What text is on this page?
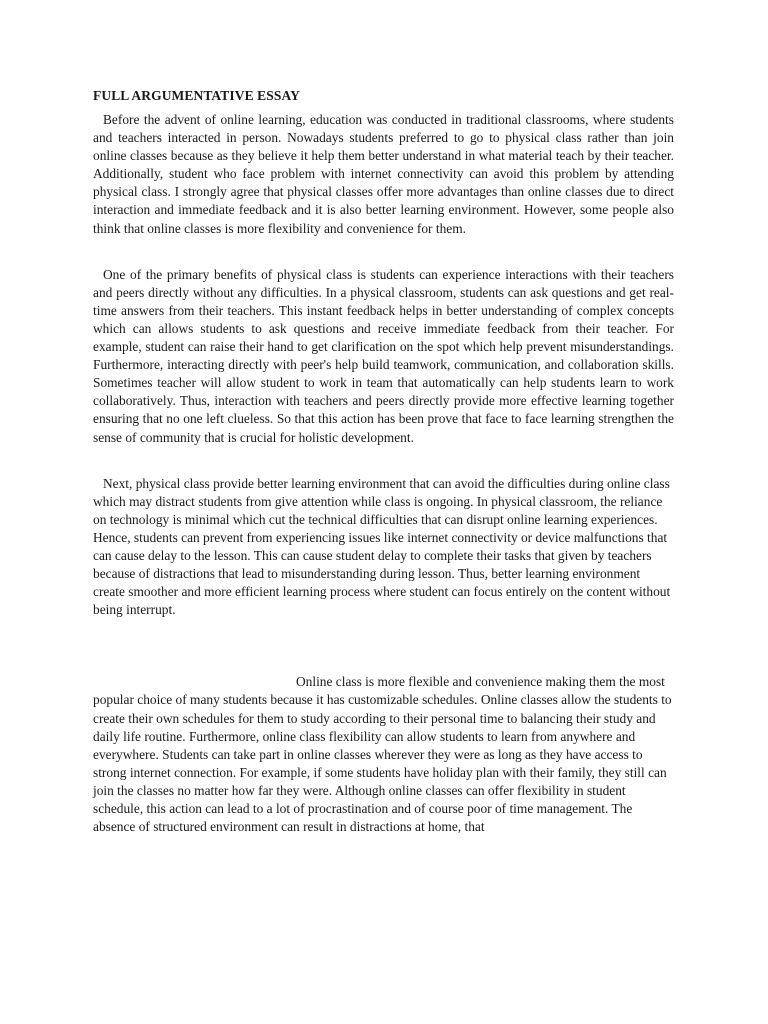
FULL ARGUMENTATIVE ESSAY

Before the advent of online learning, education was conducted in traditional classrooms, where students and teachers interacted in person. Nowadays students preferred to go to physical class rather than join online classes because as they believe it help them better understand in what material teach by their teacher. Additionally, student who face problem with internet connectivity can avoid this problem by attending physical class. I strongly agree that physical classes offer more advantages than online classes due to direct interaction and immediate feedback and it is also better learning environment. However, some people also think that online classes is more flexibility and convenience for them.

One of the primary benefits of physical class is students can experience interactions with their teachers and peers directly without any difficulties. In a physical classroom, students can ask questions and get real-time answers from their teachers. This instant feedback helps in better understanding of complex concepts which can allows students to ask questions and receive immediate feedback from their teacher. For example, student can raise their hand to get clarification on the spot which help prevent misunderstandings. Furthermore, interacting directly with peer's help build teamwork, communication, and collaboration skills. Sometimes teacher will allow student to work in team that automatically can help students learn to work collaboratively. Thus, interaction with teachers and peers directly provide more effective learning together ensuring that no one left clueless. So that this action has been prove that face to face learning strengthen the sense of community that is crucial for holistic development.

Next, physical class provide better learning environment that can avoid the difficulties during online class which may distract students from give attention while class is ongoing. In physical classroom, the reliance on technology is minimal which cut the technical difficulties that can disrupt online learning experiences. Hence, students can prevent from experiencing issues like internet connectivity or device malfunctions that can cause delay to the lesson. This can cause student delay to complete their tasks that given by teachers because of distractions that lead to misunderstanding during lesson. Thus, better learning environment create smoother and more efficient learning process where student can focus entirely on the content without being interrupt.

Online class is more flexible and convenience making them the most popular choice of many students because it has customizable schedules. Online classes allow the students to create their own schedules for them to study according to their personal time to balancing their study and daily life routine. Furthermore, online class flexibility can allow students to learn from anywhere and everywhere. Students can take part in online classes wherever they were as long as they have access to strong internet connection. For example, if some students have holiday plan with their family, they still can join the classes no matter how far they were. Although online classes can offer flexibility in student schedule, this action can lead to a lot of procrastination and of course poor of time management. The absence of structured environment can result in distractions at home, that
